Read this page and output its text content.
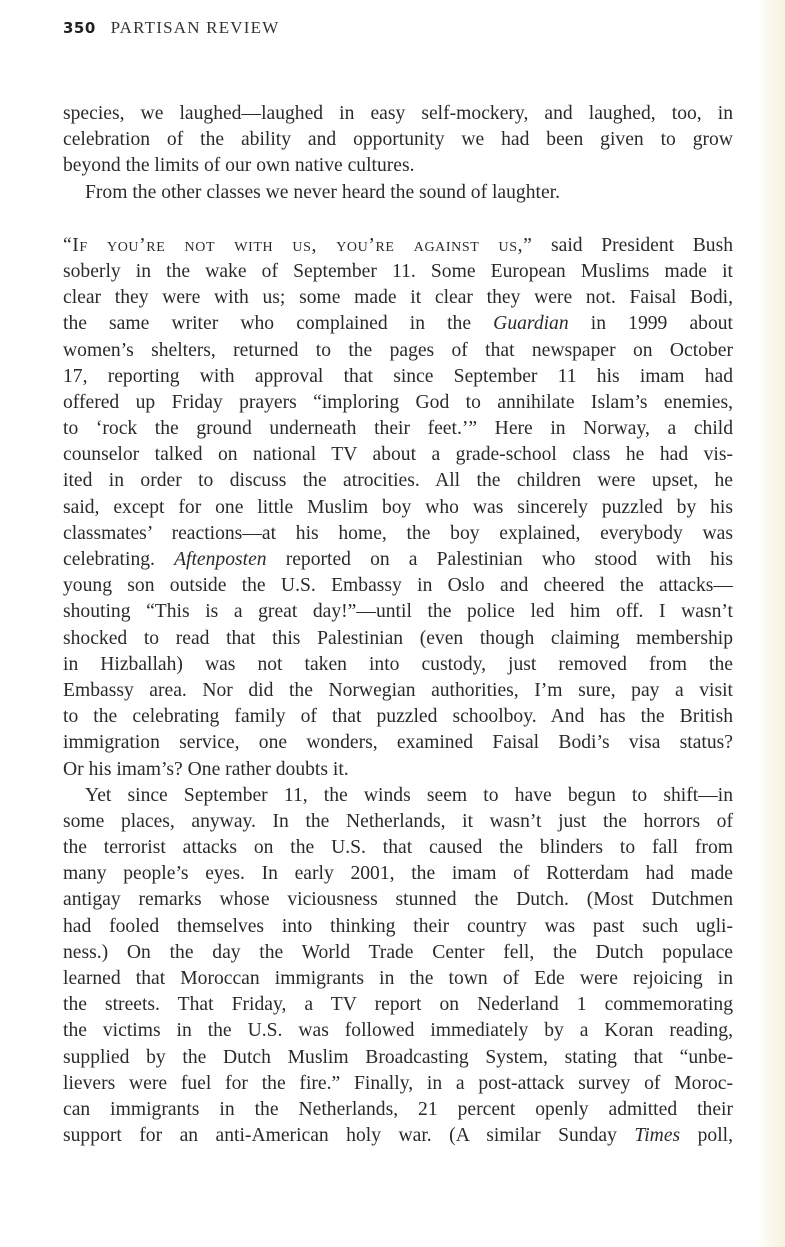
350 PARTISAN REVIEW
species, we laughed—laughed in easy self-mockery, and laughed, too, in
celebration of the ability and opportunity we had been given to grow
beyond the limits of our own native cultures.
From the other classes we never heard the sound of laughter.
“If you’re not with us, you’re against us,” said President Bush
soberly in the wake of September 11. Some European Muslims made it
clear they were with us; some made it clear they were not. Faisal Bodi,
the same writer who complained in the Guardian in 1999 about
women’s shelters, returned to the pages of that newspaper on October
17, reporting with approval that since September 11 his imam had
offered up Friday prayers “imploring God to annihilate Islam’s enemies,
to ‘rock the ground underneath their feet.’” Here in Norway, a child
counselor talked on national TV about a grade-school class he had vis-
ited in order to discuss the atrocities. All the children were upset, he
said, except for one little Muslim boy who was sincerely puzzled by his
classmates’ reactions—at his home, the boy explained, everybody was
celebrating. Aftenposten reported on a Palestinian who stood with his
young son outside the U.S. Embassy in Oslo and cheered the attacks—
shouting “This is a great day!”—until the police led him off. I wasn’t
shocked to read that this Palestinian (even though claiming membership
in Hizballah) was not taken into custody, just removed from the
Embassy area. Nor did the Norwegian authorities, I’m sure, pay a visit
to the celebrating family of that puzzled schoolboy. And has the British
immigration service, one wonders, examined Faisal Bodi’s visa status?
Or his imam’s? One rather doubts it.
Yet since September 11, the winds seem to have begun to shift—in
some places, anyway. In the Netherlands, it wasn’t just the horrors of
the terrorist attacks on the U.S. that caused the blinders to fall from
many people’s eyes. In early 2001, the imam of Rotterdam had made
antigay remarks whose viciousness stunned the Dutch. (Most Dutchmen
had fooled themselves into thinking their country was past such ugli-
ness.) On the day the World Trade Center fell, the Dutch populace
learned that Moroccan immigrants in the town of Ede were rejoicing in
the streets. That Friday, a TV report on Nederland 1 commemorating
the victims in the U.S. was followed immediately by a Koran reading,
supplied by the Dutch Muslim Broadcasting System, stating that “unbe-
lievers were fuel for the fire.” Finally, in a post-attack survey of Moroc-
can immigrants in the Netherlands, 21 percent openly admitted their
support for an anti-American holy war. (A similar Sunday Times poll,
